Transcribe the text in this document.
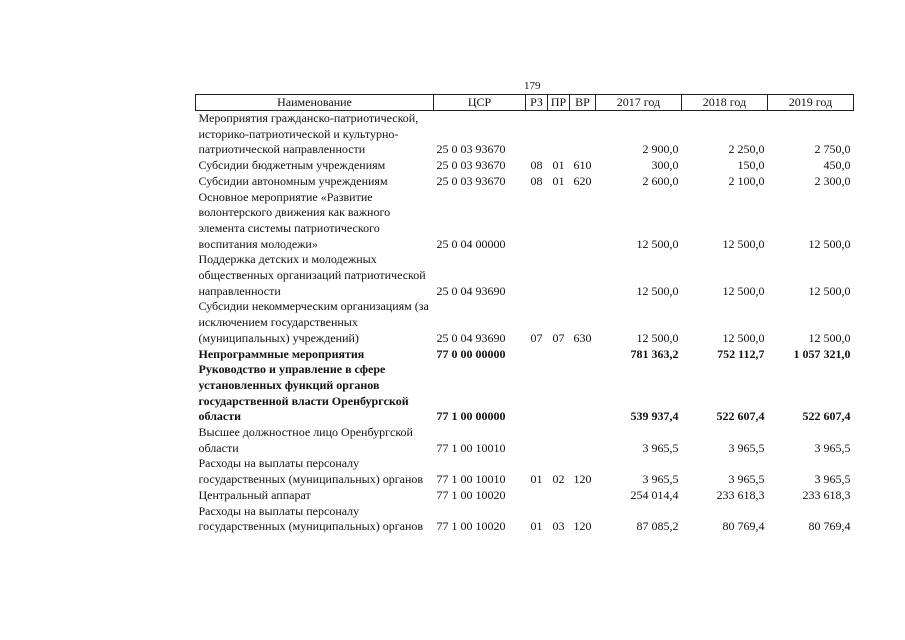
179
Наименование	ЦСР	РЗ	ПР	ВР	2017 год	2018 год	2019 год
Мероприятия гражданско-патриотической, историко-патриотической и культурно-патриотической направленности	25 0 03 93670				2 900,0	2 250,0	2 750,0
Субсидии бюджетным учреждениям	25 0 03 93670	08	01	610	300,0	150,0	450,0
Субсидии автономным учреждениям	25 0 03 93670	08	01	620	2 600,0	2 100,0	2 300,0
Основное мероприятие «Развитие волонтерского движения как важного элемента системы патриотического воспитания молодежи»	25 0 04 00000				12 500,0	12 500,0	12 500,0
Поддержка детских и молодежных общественных организаций патриотической направленности	25 0 04 93690				12 500,0	12 500,0	12 500,0
Субсидии некоммерческим организациям (за исключением государственных (муниципальных) учреждений)	25 0 04 93690	07	07	630	12 500,0	12 500,0	12 500,0
Непрограммные мероприятия	77 0 00 00000				781 363,2	752 112,7	1 057 321,0
Руководство и управление в сфере установленных функций органов государственной власти Оренбургской области	77 1 00 00000				539 937,4	522 607,4	522 607,4
Высшее должностное лицо Оренбургской области	77 1 00 10010				3 965,5	3 965,5	3 965,5
Расходы на выплаты персоналу государственных (муниципальных) органов	77 1 00 10010	01	02	120	3 965,5	3 965,5	3 965,5
Центральный аппарат	77 1 00 10020				254 014,4	233 618,3	233 618,3
Расходы на выплаты персоналу государственных (муниципальных) органов	77 1 00 10020	01	03	120	87 085,2	80 769,4	80 769,4
